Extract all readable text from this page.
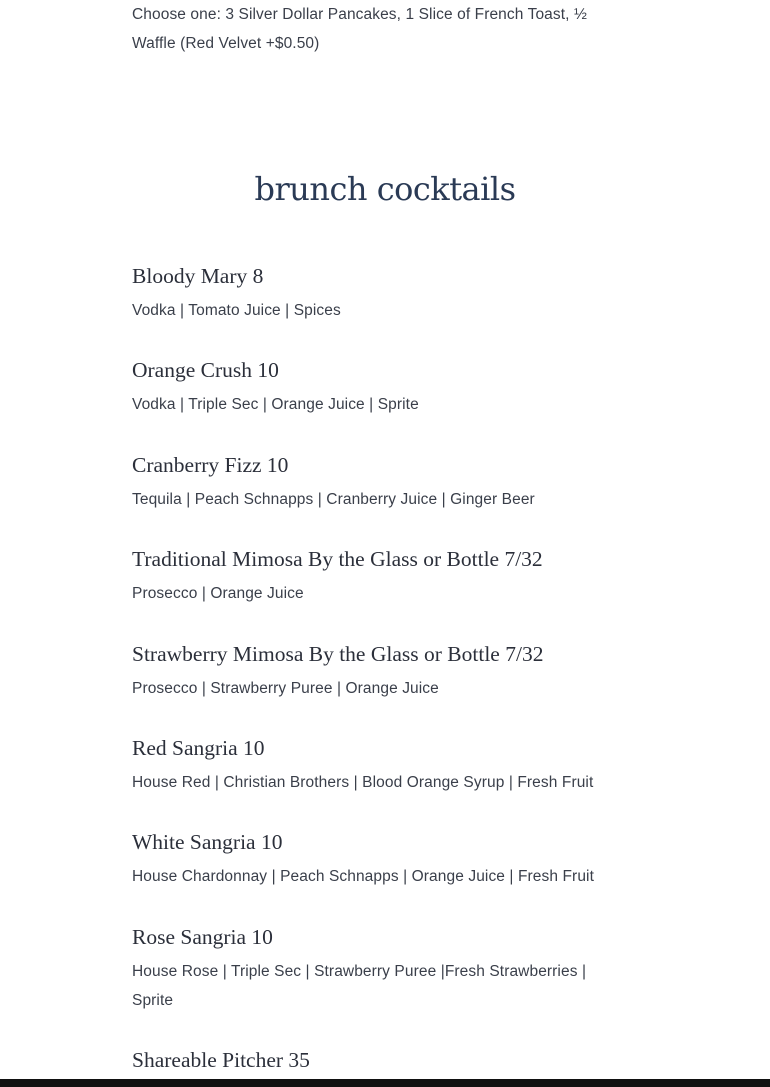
Choose one: 3 Silver Dollar Pancakes, 1 Slice of French Toast, ½ Waffle (Red Velvet +$0.50)
brunch cocktails
Bloody Mary 8
Vodka | Tomato Juice | Spices
Orange Crush 10
Vodka | Triple Sec | Orange Juice | Sprite
Cranberry Fizz 10
Tequila | Peach Schnapps | Cranberry Juice | Ginger Beer
Traditional Mimosa By the Glass or Bottle 7/32
Prosecco | Orange Juice
Strawberry Mimosa By the Glass or Bottle 7/32
Prosecco | Strawberry Puree | Orange Juice
Red Sangria 10
House Red | Christian Brothers | Blood Orange Syrup | Fresh Fruit
White Sangria 10
House Chardonnay | Peach Schnapps | Orange Juice | Fresh Fruit
Rose Sangria 10
House Rose | Triple Sec | Strawberry Puree |Fresh Strawberries | Sprite
Shareable Pitcher 35
